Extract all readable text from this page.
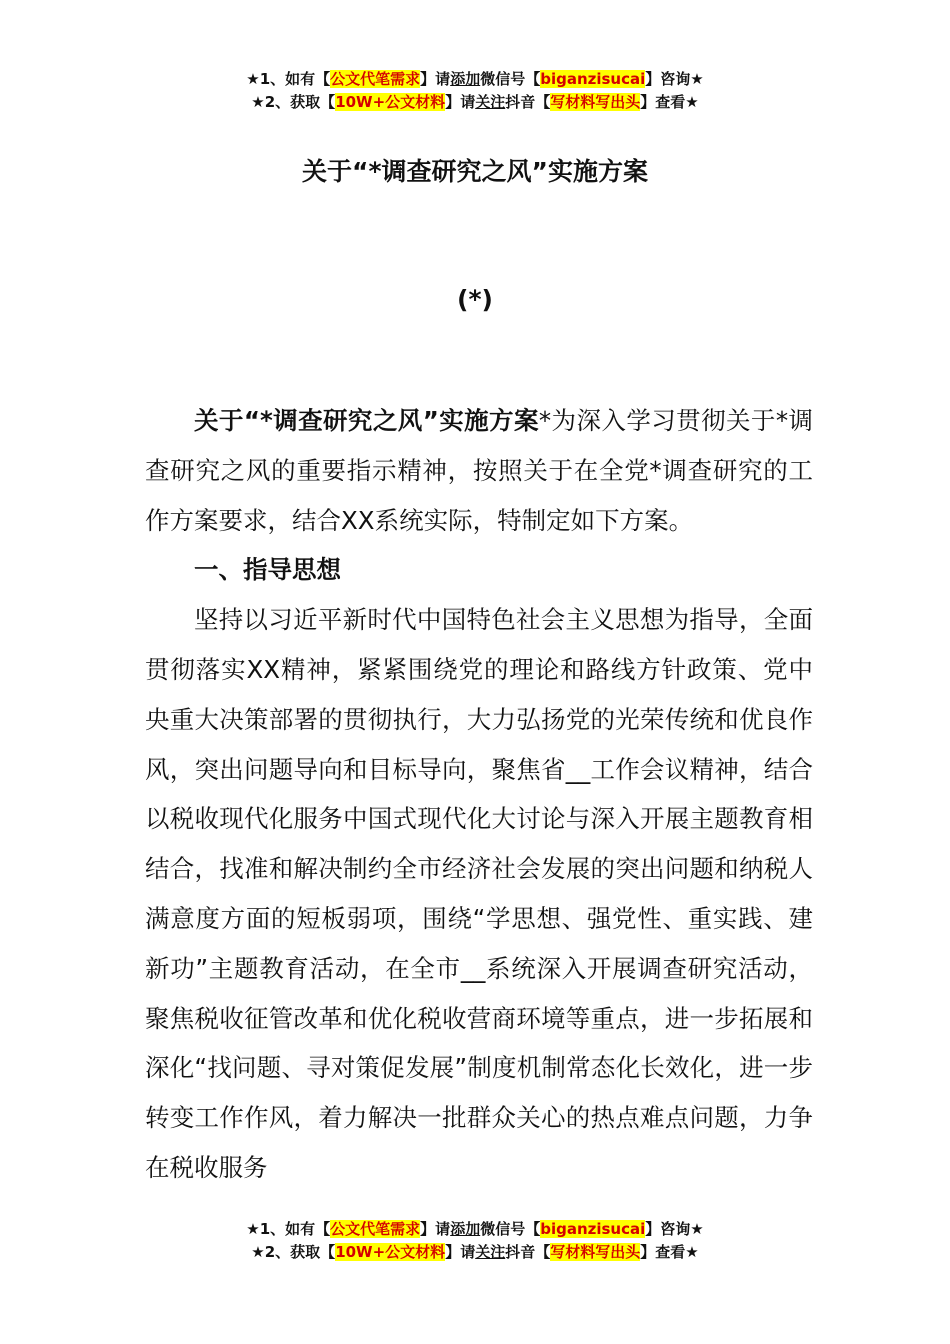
★1、如有【公文代笔需求】请添加微信号【biganzisucai】咨询★
★2、获取【10W+公文材料】请关注抖音【写材料写出头】查看★
关于“*调查研究之风”实施方案
(*)

关于“*调查研究之风”实施方案*为深入学习贯彻关于*调查研究之风的重要指示精神，按照关于在全党*调查研究的工作方案要求，结合XX系统实际，特制定如下方案。

一、指导思想

坚持以习近平新时代中国特色社会主义思想为指导，全面贯彻落实XX精神，紧紧围绕党的理论和路线方针政策、党中央重大决策部署的贯彻执行，大力弘扬党的光荣传统和优良作风，突出问题导向和目标导向，聚焦省__工作会议精神，结合以税收现代化服务中国式现代化大讨论与深入开展主题教育相结合，找准和解决制约全市经济社会发展的突出问题和纳税人满意度方面的短板弱项，围绕“学思想、强党性、重实践、建新功”主题教育活动，在全市__系统深入开展调查研究活动，聚焦税收征管改革和优化税收营商环境等重点，进一步拓展和深化“找问题、寻对策促发展”制度机制常态化长效化，进一步转变工作作风，着力解决一批群众关心的热点难点问题，力争在税收服务

★1、如有【公文代笔需求】请添加微信号【biganzisucai】咨询★
★2、获取【10W+公文材料】请关注抖音【写材料写出头】查看★
